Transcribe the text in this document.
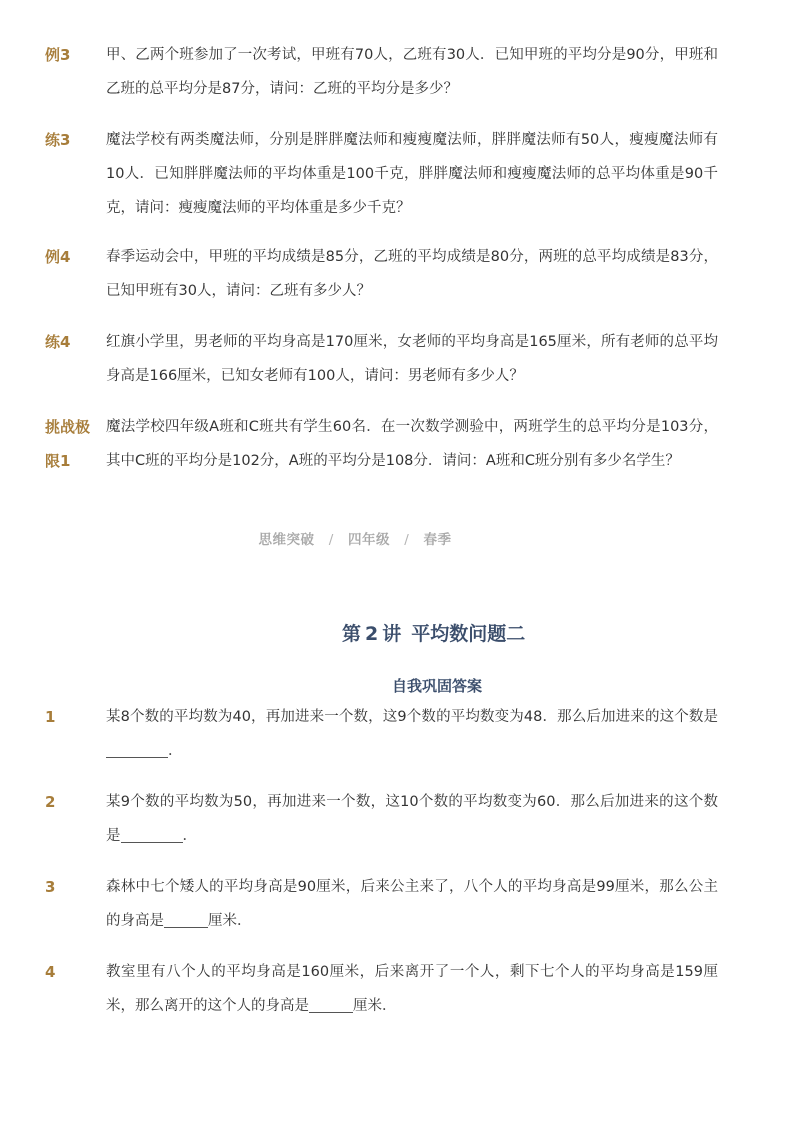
例3	甲、乙两个班参加了一次考试，甲班有70人，乙班有30人．已知甲班的平均分是90分，甲班和乙班的总平均分是87分，请问：乙班的平均分是多少？
练3	魔法学校有两类魔法师，分别是胖胖魔法师和瘦瘦魔法师，胖胖魔法师有50人，瘦瘦魔法师有10人．已知胖胖魔法师的平均体重是100千克，胖胖魔法师和瘦瘦魔法师的总平均体重是90千克，请问：瘦瘦魔法师的平均体重是多少千克？
例4	春季运动会中，甲班的平均成绩是85分，乙班的平均成绩是80分，两班的总平均成绩是83分，已知甲班有30人，请问：乙班有多少人？
练4	红旗小学里，男老师的平均身高是170厘米，女老师的平均身高是165厘米，所有老师的总平均身高是166厘米，已知女老师有100人，请问：男老师有多少人？
挑战极
限1
魔法学校四年级A班和C班共有学生60名．在一次数学测验中，两班学生的总平均分是103分，其中C班的平均分是102分，A班的平均分是108分．请问：A班和C班分别有多少名学生？
思维突破 / 四年级 / 春季
第 2 讲 平均数问题二
自我巩固答案
1	某8个数的平均数为40，再加进来一个数，这9个数的平均数变为48．那么后加进来的这个数是．
2	某9个数的平均数为50，再加进来一个数，这10个数的平均数变为60．那么后加进来的这个数是	．
3	森林中七个矮人的平均身高是90厘米，后来公主来了，八个人的平均身高是99厘米，那么公主的身高是	厘米．
4	教室里有八个人的平均身高是160厘米，后来离开了一个人，剩下七个人的平均身高是159厘米，那么离开的这个人的身高是	厘米．
